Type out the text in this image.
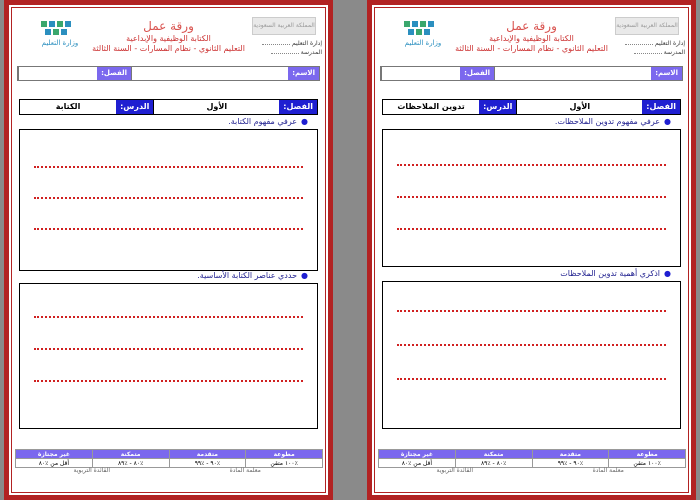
وزارة التعليم
المملكة العربية السعودية
إدارة التعليم
المدرسة
ورقة عمل
الكتابة الوظيفية والإبداعية
التعليم الثانوي - نظام المسارات - السنة الثالثة
الاسم:
الفصل:
الفصل:
الأول
الدرس:
الكتابة
●عرفي مفهوم الكتابة.
●حددي عناصر الكتابة الأساسية.
مطوعة
متقدمة
متمكنة
غير مجتازة
٪١٠٠ متقن
٪٩٠ - ٪٩٩
٪٨٠ - ٪٨٩
أقل من ٪٨٠
معلمة المادة
القائدة التربوية
وزارة التعليم
المملكة العربية السعودية
إدارة التعليم
المدرسة
ورقة عمل
الكتابة الوظيفية والإبداعية
التعليم الثانوي - نظام المسارات - السنة الثالثة
الاسم:
الفصل:
الفصل:
الأول
الدرس:
تدوين الملاحظات
●عرفي مفهوم تدوين الملاحظات.
●اذكري أهمية تدوين الملاحظات
مطوعة
متقدمة
متمكنة
غير مجتازة
٪١٠٠ متقن
٪٩٠ - ٪٩٩
٪٨٠ - ٪٨٩
أقل من ٪٨٠
معلمة المادة
القائدة التربوية
